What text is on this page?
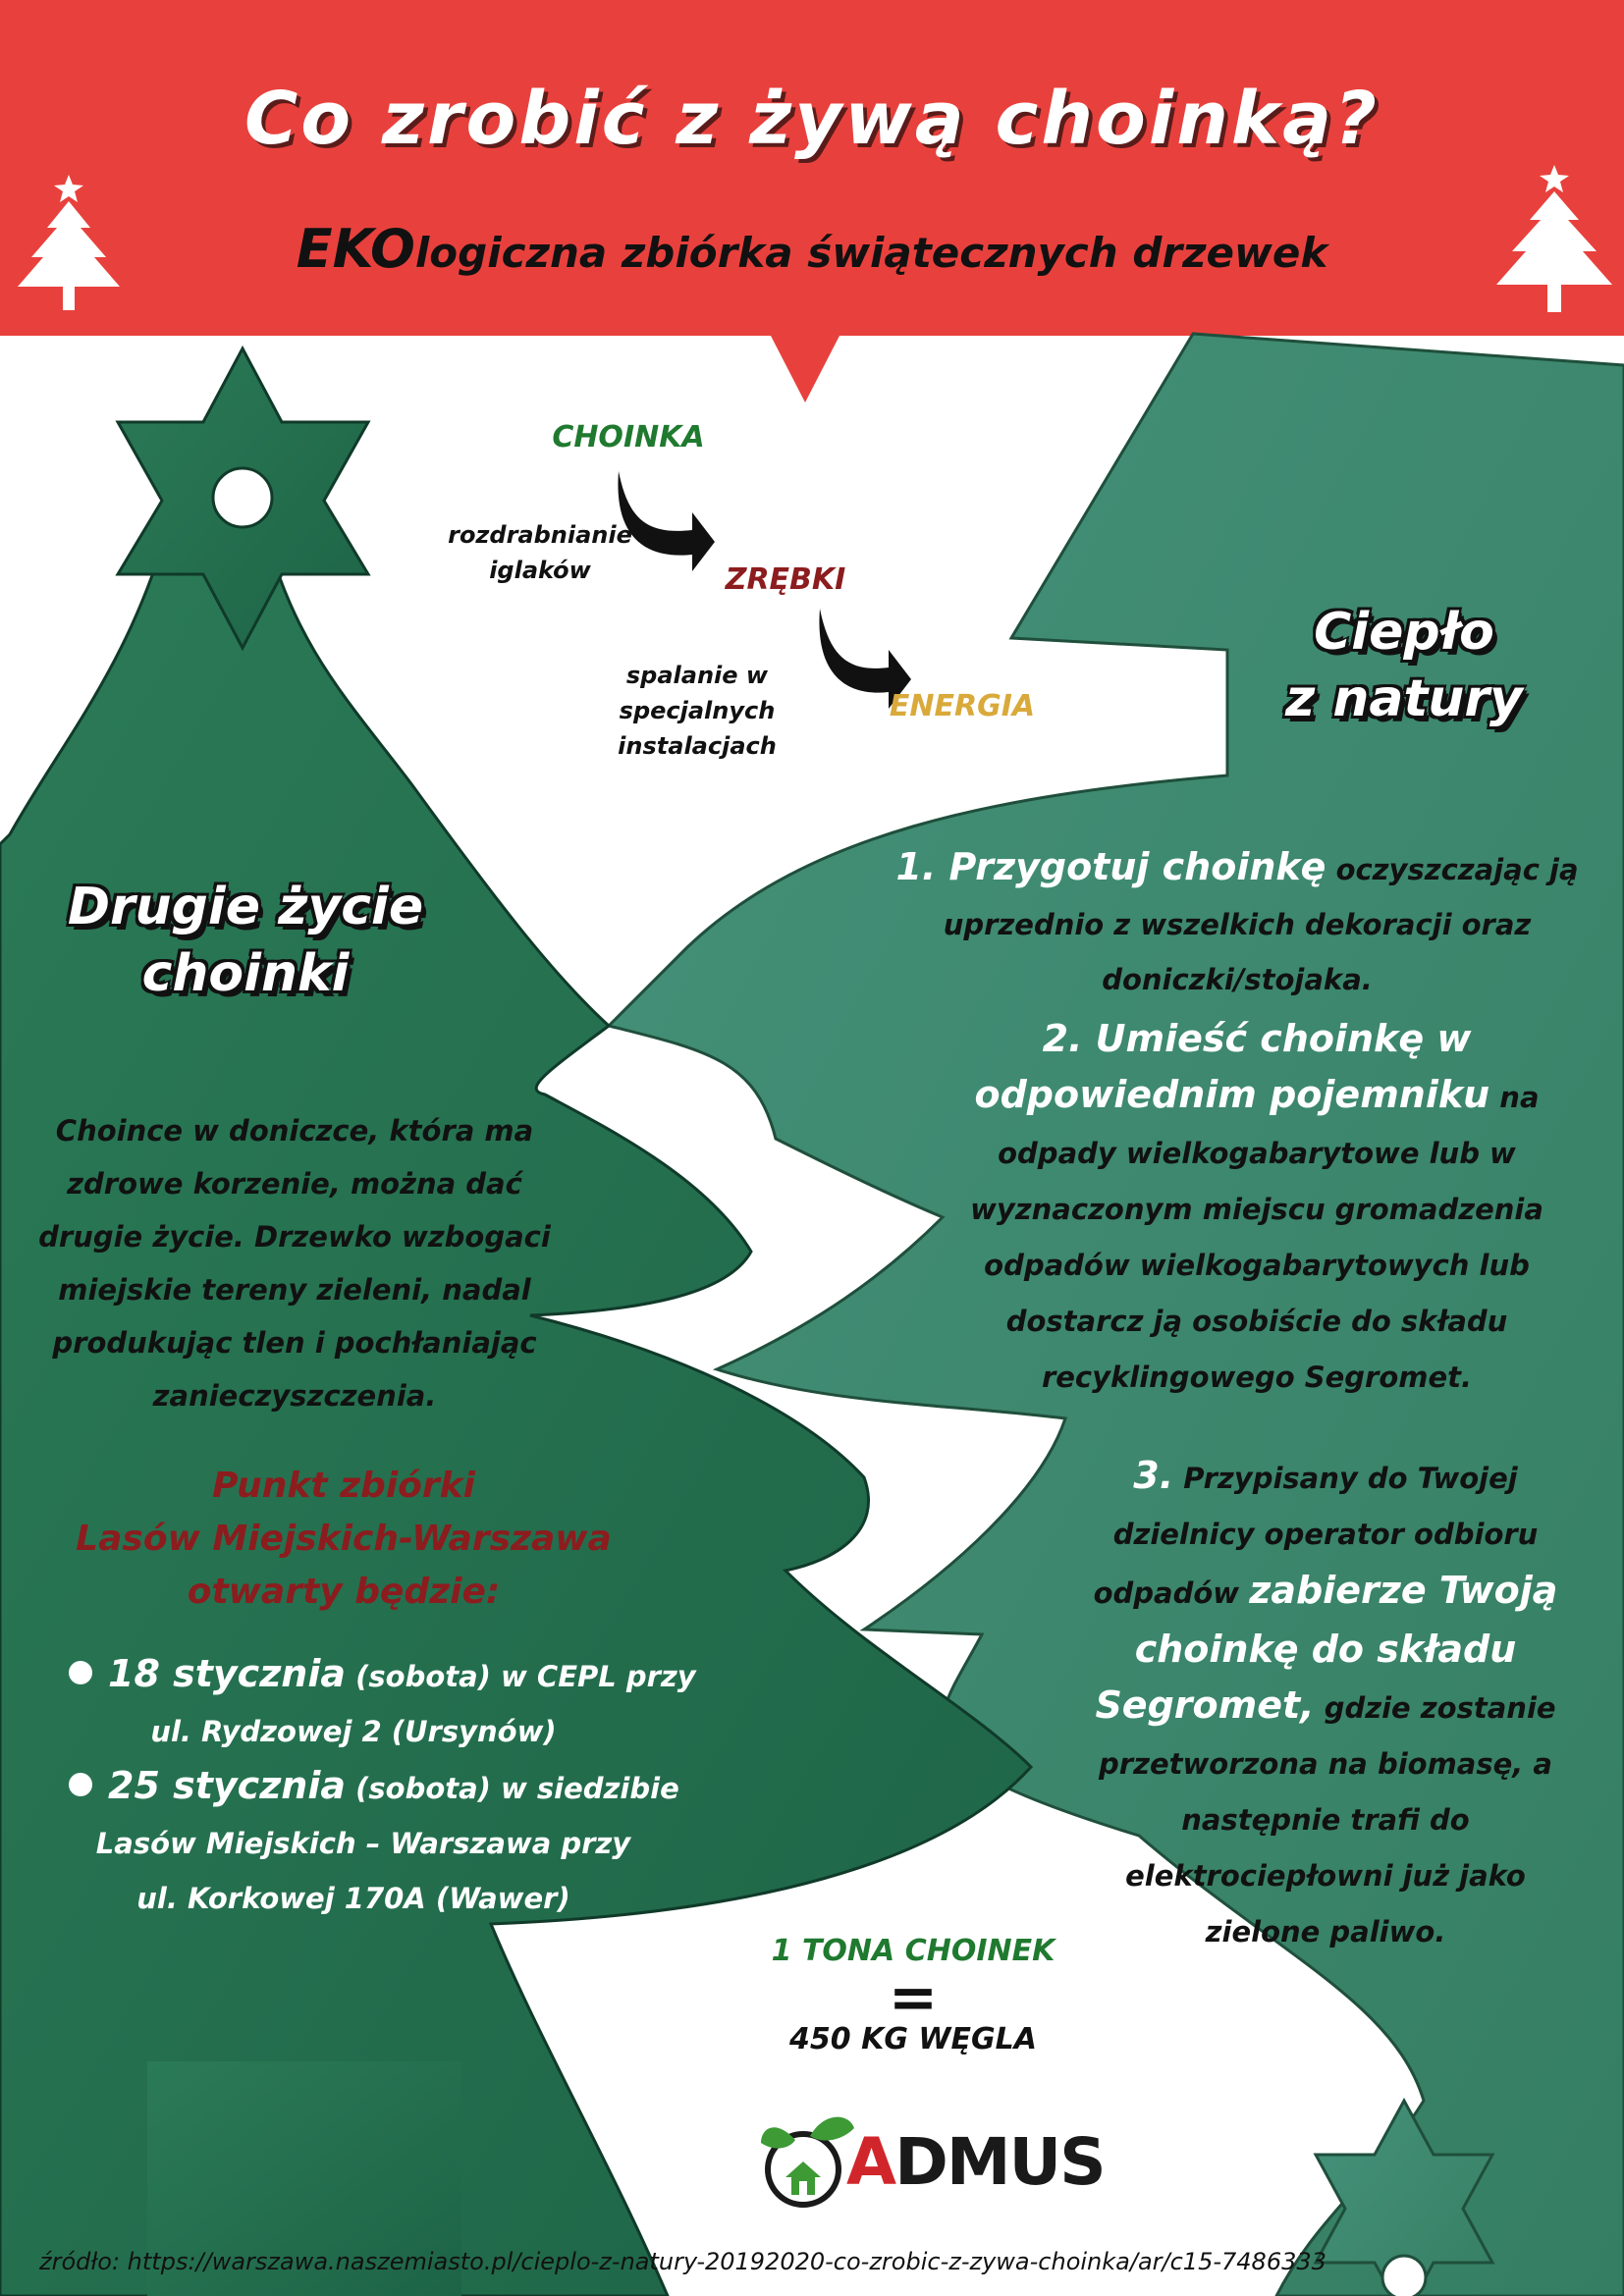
Co zrobić z żywą choinką?

EKOlogiczna zbiórka świątecznych drzewek

CHOINKA

rozdrabnianie
iglaków	ZRĘBKI

spalanie w
specjalnych
instalacjach

ENERGIA

Drugie życie
choinki

Choince w doniczce, która ma
zdrowe korzenie, można dać
drugie życie. Drzewko wzbogaci
miejskie tereny zieleni, nadal
produkując tlen i pochłaniając
zanieczyszczenia.
Punkt zbiórki
Lasów Miejskich-Warszawa
otwarty będzie:

18 stycznia (sobota) w CEPL przy

ul. Rydzowej 2 (Ursynów)

25 stycznia (sobota) w siedzibie

Lasów Miejskich – Warszawa przy

ul. Korkowej 170A (Wawer)

Ciepło
z natury

1. Przygotuj choinkę oczyszczając ją
uprzednio z wszelkich dekoracji oraz
doniczki/stojaka.
2. Umieść choinkę w
odpowiednim pojemniku na
odpady wielkogabarytowe lub w
wyznaczonym miejscu gromadzenia
odpadów wielkogabarytowych lub
dostarcz ją osobiście do składu
recyklingowego Segromet.
3. Przypisany do Twojej
dzielnicy operator odbioru
odpadów zabierze Twoją
choinkę do składu
Segromet, gdzie zostanie
przetworzona na biomasę, a
następnie trafi do
elektrociepłowni już jako
zielone paliwo.

1 TONA CHOINEK

=

450 KG WĘGLA

ADMUS

źródło: https://warszawa.naszemiasto.pl/cieplo-z-natury-20192020-co-zrobic-z-zywa-choinka/ar/c15-7486333
